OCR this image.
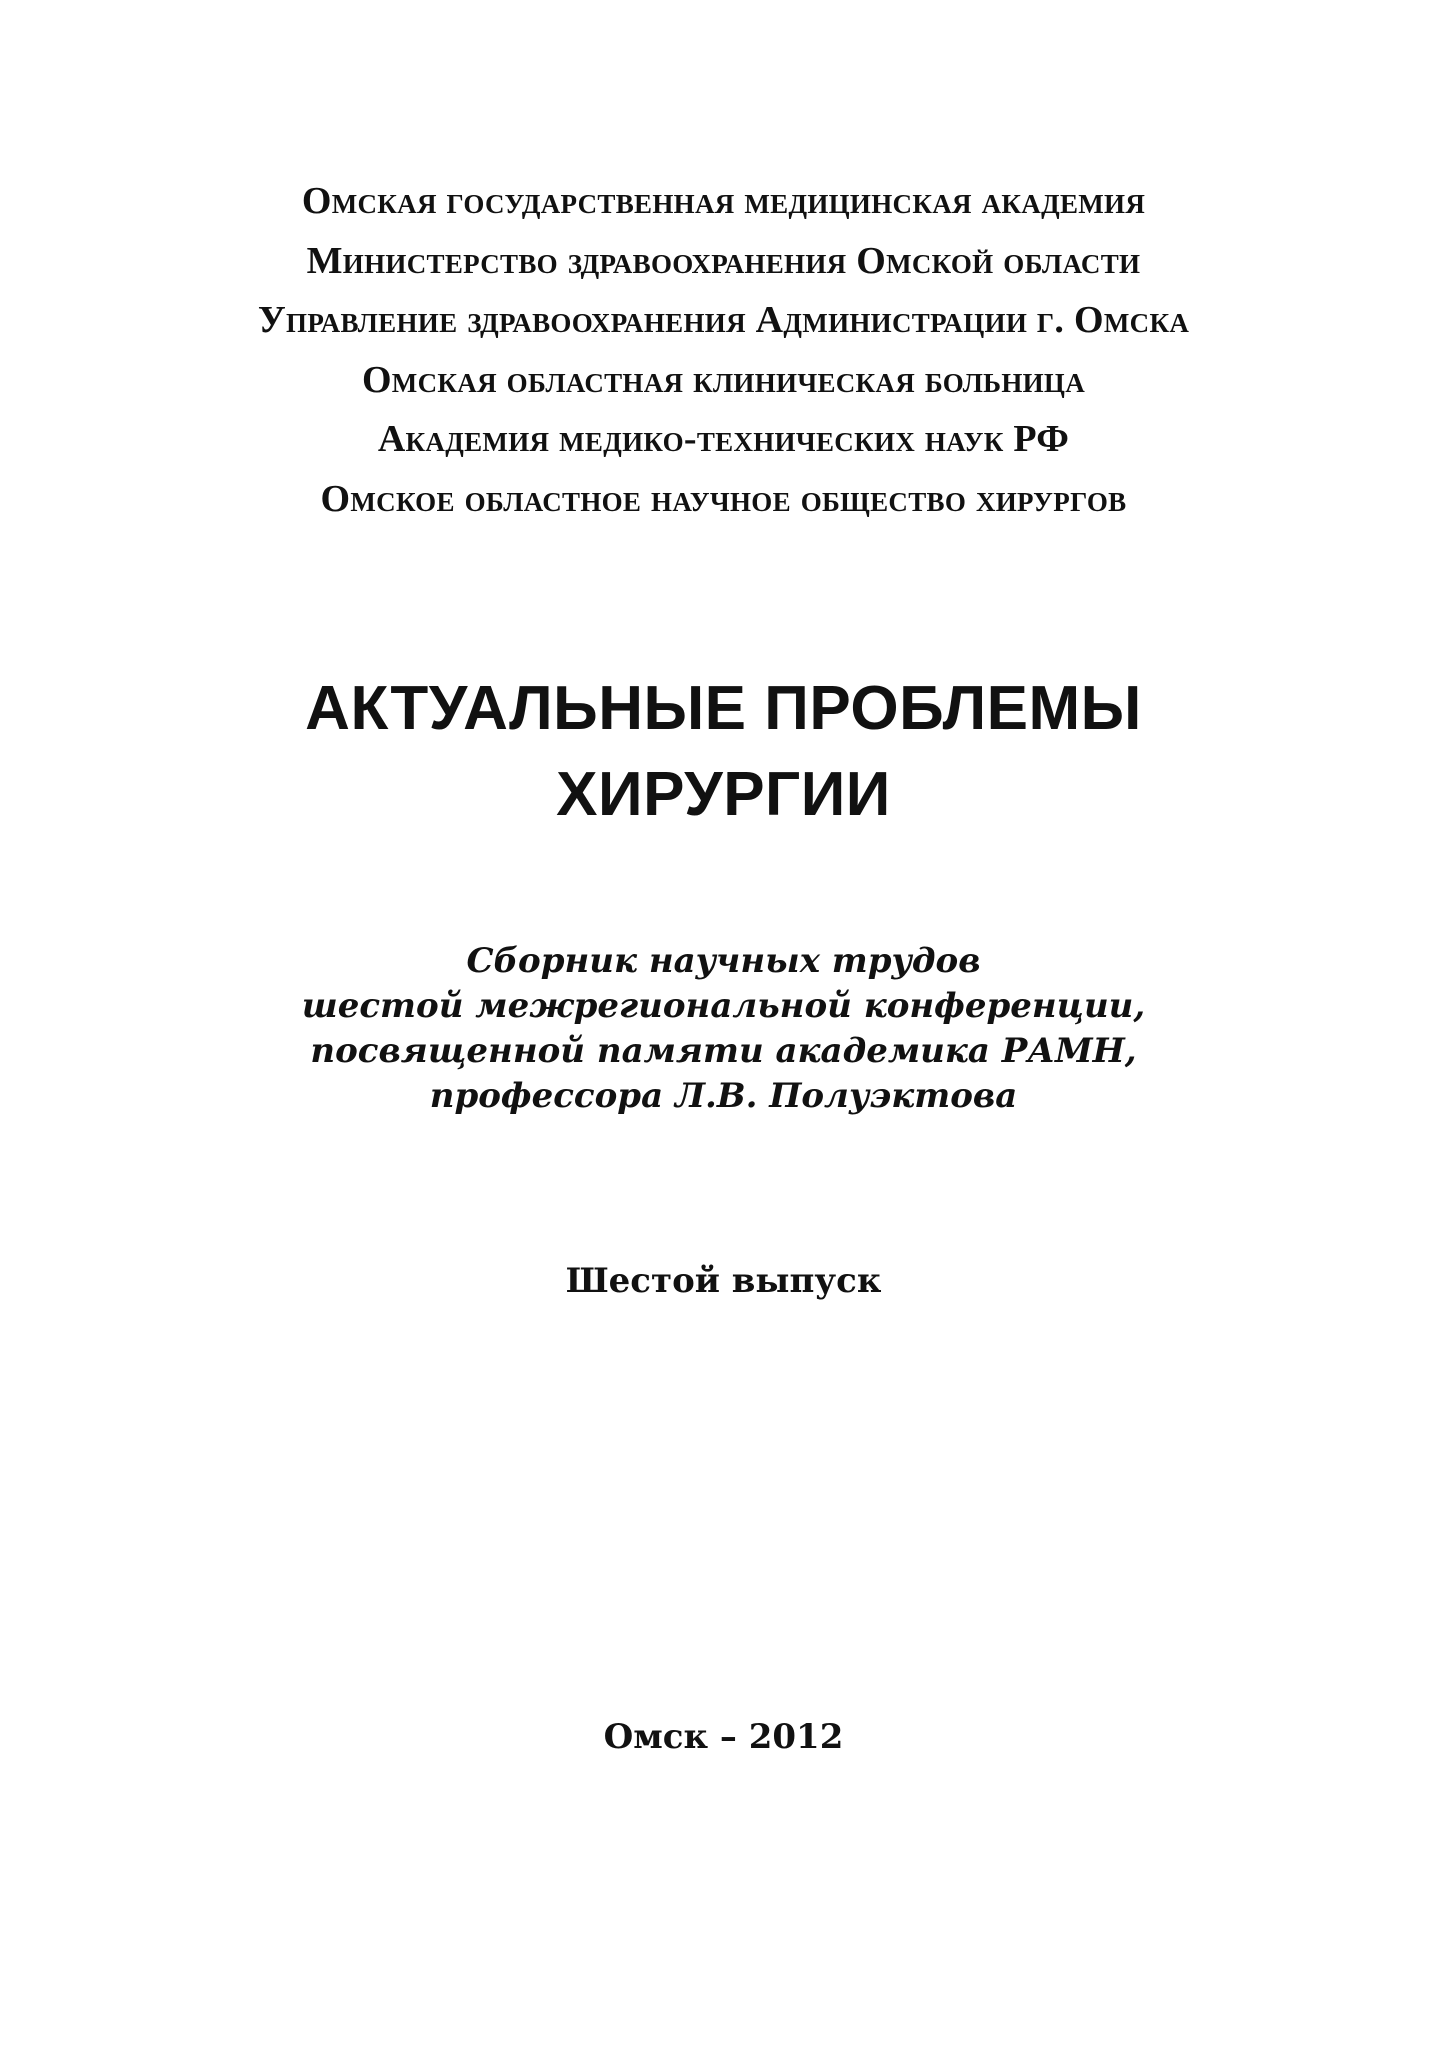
Омская государственная медицинская академия
Министерство здравоохранения Омской области
Управление здравоохранения Администрации г. Омска
Омская областная клиническая больница
Академия медико-технических наук РФ
Омское областное научное общество хирургов
АКТУАЛЬНЫЕ ПРОБЛЕМЫ
ХИРУРГИИ
Сборник научных трудов
шестой межрегиональной конференции,
посвященной памяти академика РАМН,
профессора Л.В. Полуэктова
Шестой выпуск
Омск – 2012
